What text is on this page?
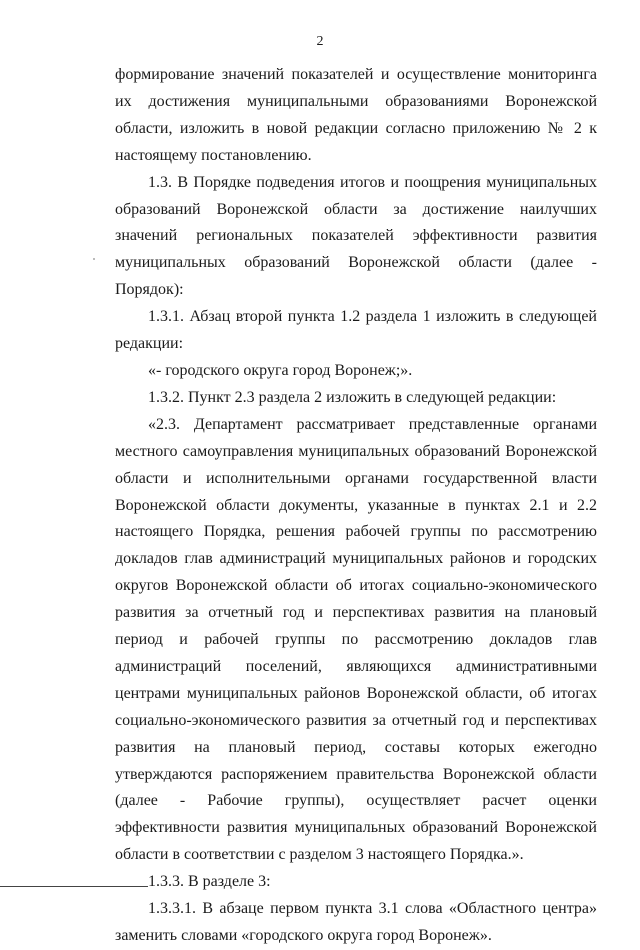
2

формирование значений показателей и осуществление мониторинга их достижения муниципальными образованиями Воронежской области, изложить в новой редакции согласно приложению № 2 к настоящему постановлению.

1.3. В Порядке подведения итогов и поощрения муниципальных образований Воронежской области за достижение наилучших значений региональных показателей эффективности развития муниципальных образований Воронежской области (далее - Порядок):

1.3.1. Абзац второй пункта 1.2 раздела 1 изложить в следующей редакции:

«- городского округа город Воронеж;».

1.3.2. Пункт 2.3 раздела 2 изложить в следующей редакции:

«2.3. Департамент рассматривает представленные органами местного самоуправления муниципальных образований Воронежской области и исполнительными органами государственной власти Воронежской области документы, указанные в пунктах 2.1 и 2.2 настоящего Порядка, решения рабочей группы по рассмотрению докладов глав администраций муниципальных районов и городских округов Воронежской области об итогах социально-экономического развития за отчетный год и перспективах развития на плановый период и рабочей группы по рассмотрению докладов глав администраций поселений, являющихся административными центрами муниципальных районов Воронежской области, об итогах социально-экономического развития за отчетный год и перспективах развития на плановый период, составы которых ежегодно утверждаются распоряжением правительства Воронежской области (далее - Рабочие группы), осуществляет расчет оценки эффективности развития муниципальных образований Воронежской области в соответствии с разделом 3 настоящего Порядка.».

1.3.3. В разделе 3:

1.3.3.1. В абзаце первом пункта 3.1 слова «Областного центра» заменить словами «городского округа город Воронеж».
